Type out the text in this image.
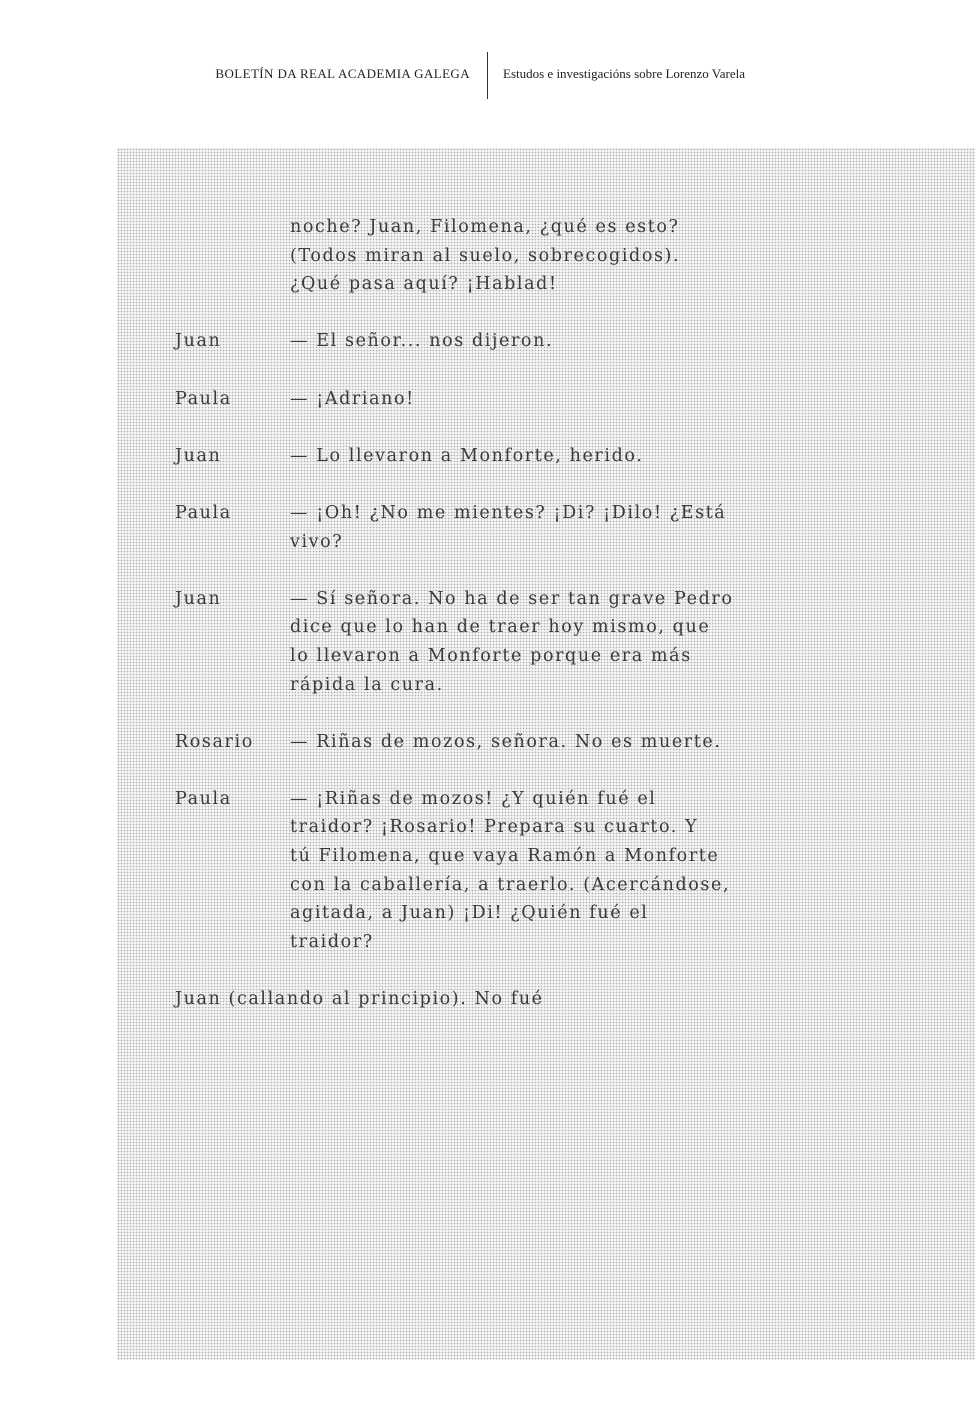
BOLETÍN DA REAL ACADEMIA GALEGA	Estudos e investigacións sobre Lorenzo Varela
noche? Juan, Filomena, ¿qué es esto?
(Todos miran al suelo, sobrecogidos).
¿Qué pasa aquí? ¡Hablad!
Juan	— El señor... nos dijeron.
Paula	— ¡Adriano!
Juan	— Lo llevaron a Monforte, herido.
Paula	— ¡Oh! ¿No me mientes? ¡Di? ¡Dilo! ¿Está
vivo?
Juan	— Sí señora. No ha de ser tan grave Pedro
dice que lo han de traer hoy mismo, que
lo llevaron a Monforte porque era más
rápida la cura.
Rosario	— Riñas de mozos, señora. No es muerte.
Paula	— ¡Riñas de mozos! ¿Y quién fué el
traidor? ¡Rosario! Prepara su cuarto. Y
tú Filomena, que vaya Ramón a Monforte
con la caballería, a traerlo. (Acercándose,
agitada, a Juan) ¡Di! ¿Quién fué el traidor?
Juan (callando al principio). No fué
